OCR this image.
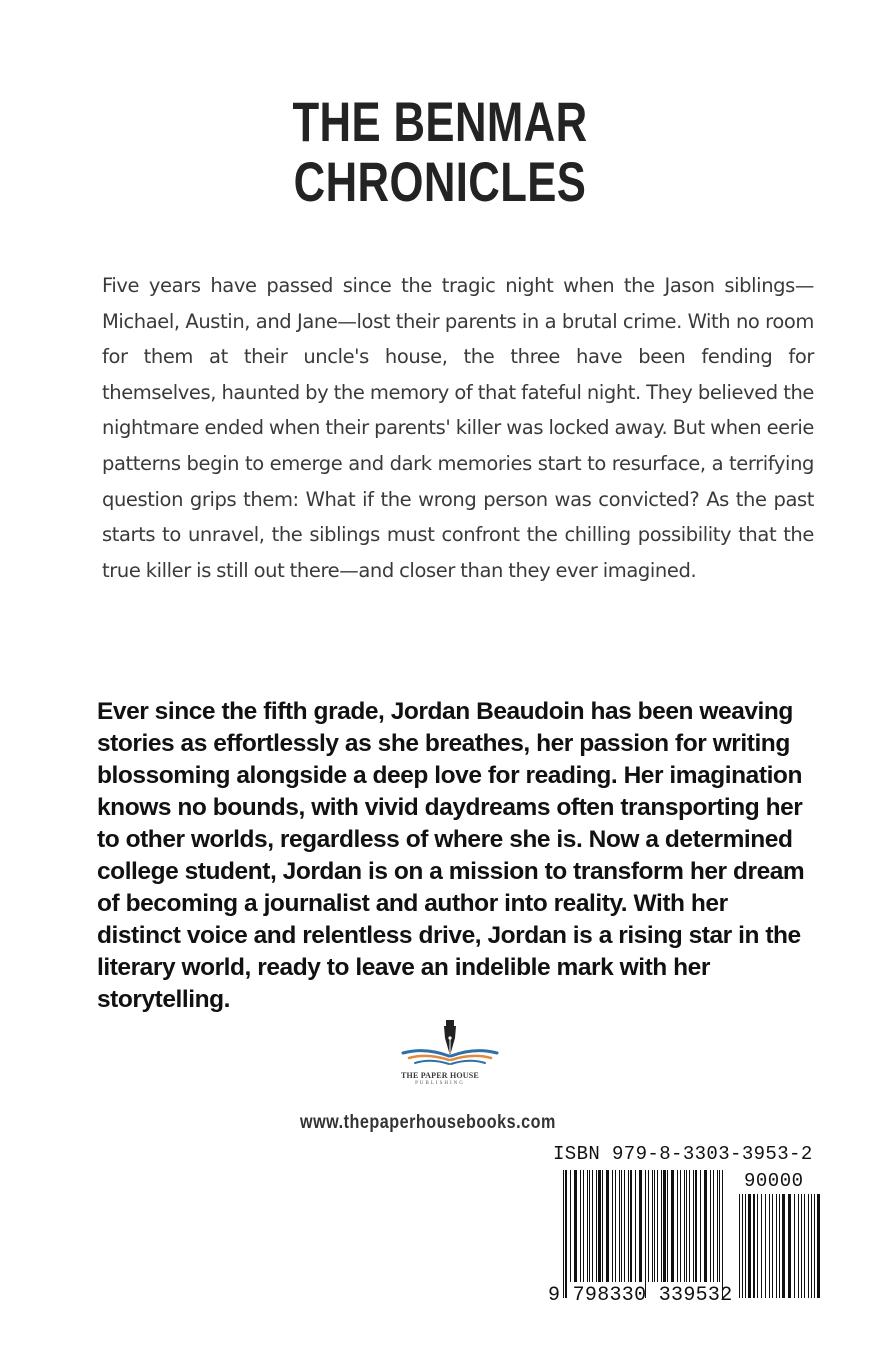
THE BENMAR
CHRONICLES

Five years have passed since the tragic night when the Jason siblings—Michael, Austin, and Jane—lost their parents in a brutal crime. With no room for them at their uncle's house, the three have been fending for themselves, haunted by the memory of that fateful night. They believed the nightmare ended when their parents' killer was locked away. But when eerie patterns begin to emerge and dark memories start to resurface, a terrifying question grips them: What if the wrong person was convicted? As the past starts to unravel, the siblings must confront the chilling possibility that the true killer is still out there—and closer than they ever imagined.

Ever since the fifth grade, Jordan Beaudoin has been weaving stories as effortlessly as she breathes, her passion for writing blossoming alongside a deep love for reading. Her imagination knows no bounds, with vivid daydreams often transporting her to other worlds, regardless of where she is. Now a determined college student, Jordan is on a mission to transform her dream of becoming a journalist and author into reality. With her distinct voice and relentless drive, Jordan is a rising star in the literary world, ready to leave an indelible mark with her storytelling.

THE PAPER HOUSE
PUBLISHING
www.thepaperhousebooks.com
ISBN 979-8-3303-3953-2
90000
9 798330 339532
